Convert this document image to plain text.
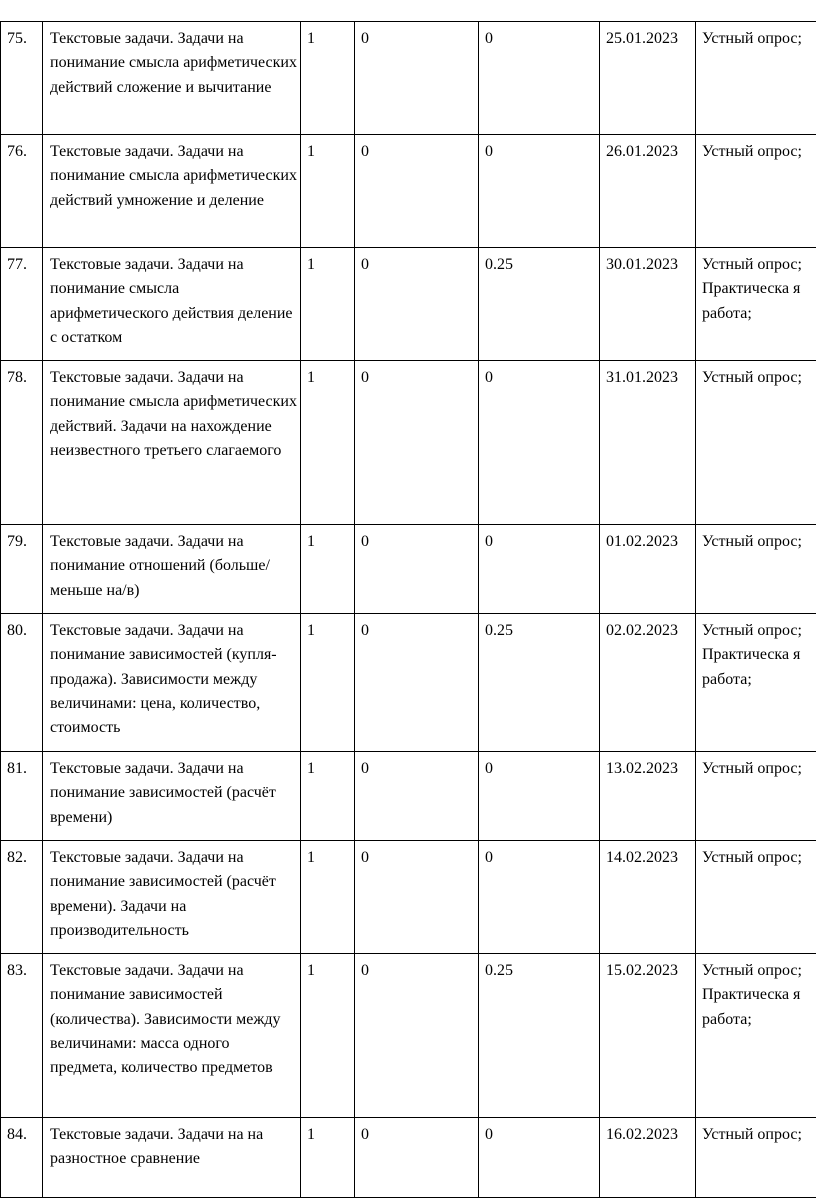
75.	Текстовые задачи. Задачи на понимание смысла арифметических действий сложение и вычитание	1	0	0	25.01.2023	Устный опрос;

76.	Текстовые задачи. Задачи на понимание смысла арифметических действий умножение и деление	1	0	0	26.01.2023	Устный опрос;

77.	Текстовые задачи. Задачи на понимание смысла арифметического действия деление с остатком	1	0	0.25	30.01.2023	Устный опрос; Практическа я работа;

78.	Текстовые задачи. Задачи на понимание смысла арифметических действий. Задачи на нахождение неизвестного третьего слагаемого	1	0	0	31.01.2023	Устный опрос;

79.	Текстовые задачи. Задачи на понимание отношений (больше/меньше на/в)	1	0	0	01.02.2023	Устный опрос;

80.	Текстовые задачи. Задачи на понимание зависимостей (купля-продажа). Зависимости между величинами: цена, количество, стоимость	1	0	0.25	02.02.2023	Устный опрос; Практическа я работа;

81.	Текстовые задачи. Задачи на понимание зависимостей (расчёт времени)	1	0	0	13.02.2023	Устный опрос;

82.	Текстовые задачи. Задачи на понимание зависимостей (расчёт времени). Задачи на производительность	1	0	0	14.02.2023	Устный опрос;

83.	Текстовые задачи. Задачи на понимание зависимостей (количества). Зависимости между величинами: масса одного предмета, количество предметов	1	0	0.25	15.02.2023	Устный опрос; Практическа я работа;

84.	Текстовые задачи. Задачи на на разностное сравнение	1	0	0	16.02.2023	Устный опрос;
